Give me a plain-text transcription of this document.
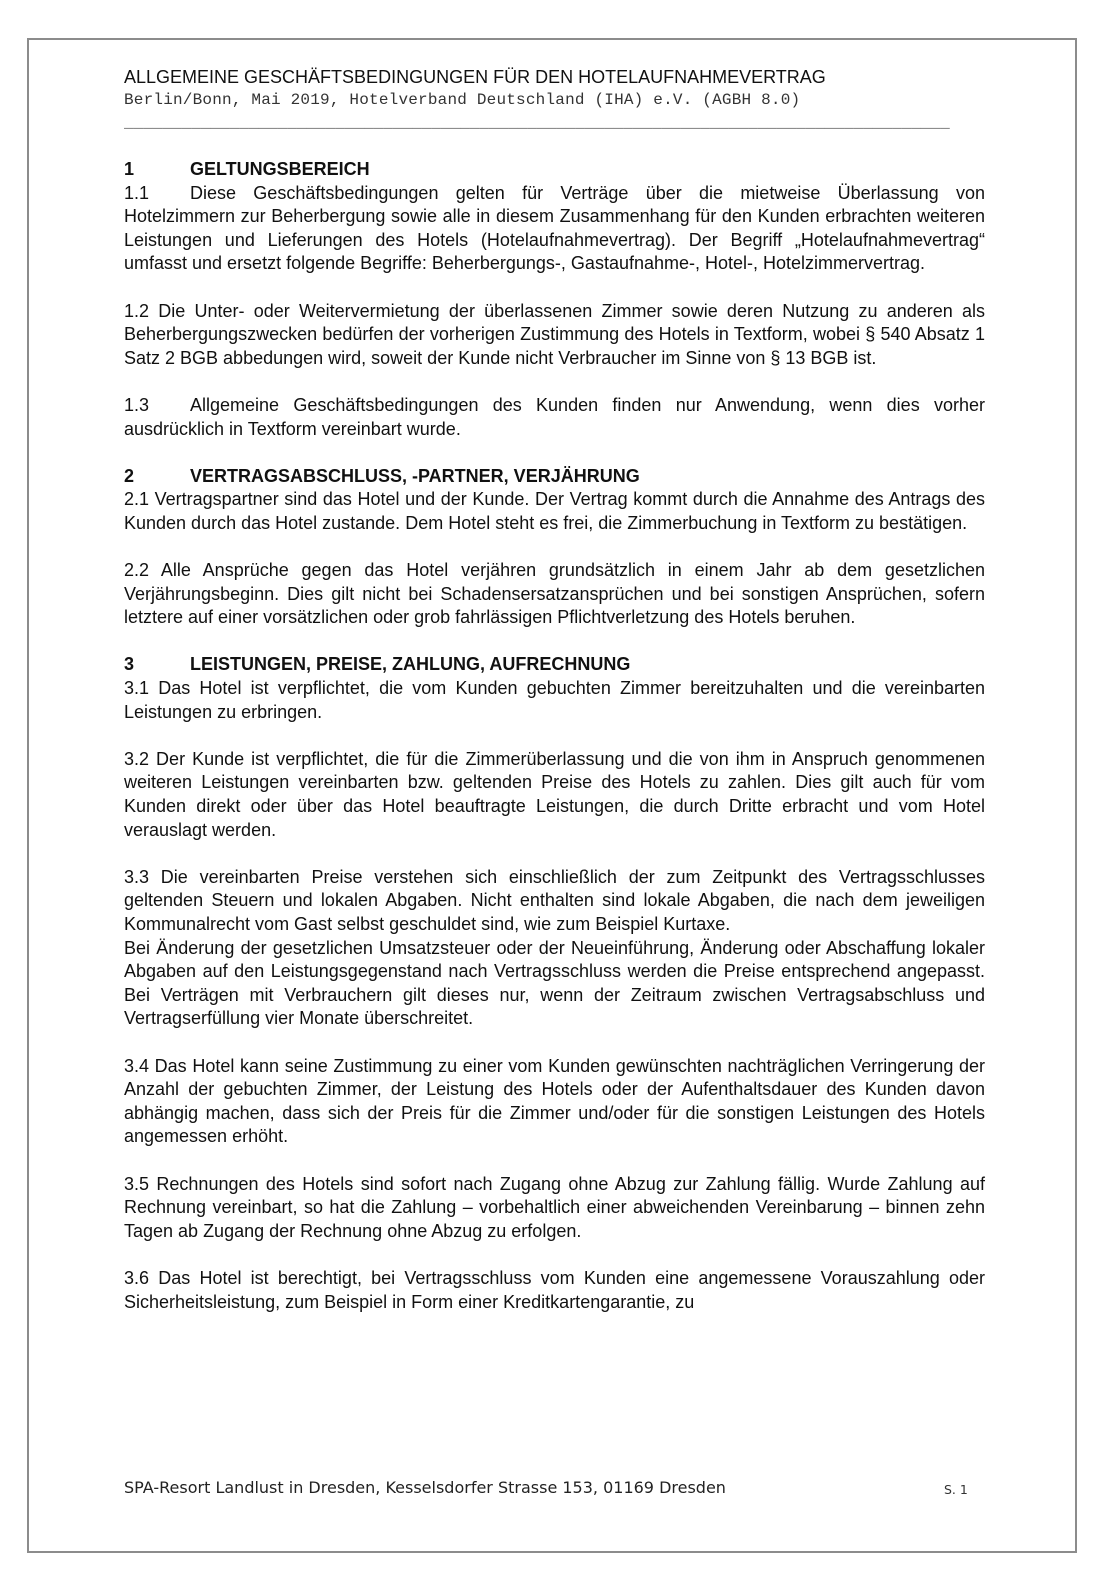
ALLGEMEINE GESCHÄFTSBEDINGUNGEN FÜR DEN HOTELAUFNAHMEVERTRAG
Berlin/Bonn, Mai 2019, Hotelverband Deutschland (IHA) e.V. (AGBH 8.0)
______________________________________________________________________________________
1	GELTUNGSBEREICH
1.1 Diese Geschäftsbedingungen gelten für Verträge über die mietweise Überlassung von Hotelzimmern zur Beherbergung sowie alle in diesem Zusammenhang für den Kunden erbrachten weiteren Leistungen und Lieferungen des Hotels (Hotelaufnahmevertrag). Der Begriff „Hotelaufnahmevertrag“ umfasst und ersetzt folgende Begriffe: Beherbergungs-, Gastaufnahme-, Hotel-, Hotelzimmervertrag.
1.2 Die Unter- oder Weitervermietung der überlassenen Zimmer sowie deren Nutzung zu anderen als Beherbergungszwecken bedürfen der vorherigen Zustimmung des Hotels in Textform, wobei § 540 Absatz 1 Satz 2 BGB abbedungen wird, soweit der Kunde nicht Verbraucher im Sinne von § 13 BGB ist.
1.3 Allgemeine Geschäftsbedingungen des Kunden finden nur Anwendung, wenn dies vorher ausdrücklich in Textform vereinbart wurde.
2	VERTRAGSABSCHLUSS, -PARTNER, VERJÄHRUNG
2.1 Vertragspartner sind das Hotel und der Kunde. Der Vertrag kommt durch die Annahme des Antrags des Kunden durch das Hotel zustande. Dem Hotel steht es frei, die Zimmerbuchung in Textform zu bestätigen.
2.2 Alle Ansprüche gegen das Hotel verjähren grundsätzlich in einem Jahr ab dem gesetzlichen Verjährungsbeginn. Dies gilt nicht bei Schadensersatzansprüchen und bei sonstigen Ansprüchen, sofern letztere auf einer vorsätzlichen oder grob fahrlässigen Pflichtverletzung des Hotels beruhen.
3	LEISTUNGEN, PREISE, ZAHLUNG, AUFRECHNUNG
3.1 Das Hotel ist verpflichtet, die vom Kunden gebuchten Zimmer bereitzuhalten und die vereinbarten Leistungen zu erbringen.
3.2 Der Kunde ist verpflichtet, die für die Zimmerüberlassung und die von ihm in Anspruch genommenen weiteren Leistungen vereinbarten bzw. geltenden Preise des Hotels zu zahlen. Dies gilt auch für vom Kunden direkt oder über das Hotel beauftragte Leistungen, die durch Dritte erbracht und vom Hotel verauslagt werden.
3.3 Die vereinbarten Preise verstehen sich einschließlich der zum Zeitpunkt des Vertragsschlusses geltenden Steuern und lokalen Abgaben. Nicht enthalten sind lokale Abgaben, die nach dem jeweiligen Kommunalrecht vom Gast selbst geschuldet sind, wie zum Beispiel Kurtaxe.
Bei Änderung der gesetzlichen Umsatzsteuer oder der Neueinführung, Änderung oder Abschaffung lokaler Abgaben auf den Leistungsgegenstand nach Vertragsschluss werden die Preise entsprechend angepasst. Bei Verträgen mit Verbrauchern gilt dieses nur, wenn der Zeitraum zwischen Vertragsabschluss und Vertragserfüllung vier Monate überschreitet.
3.4 Das Hotel kann seine Zustimmung zu einer vom Kunden gewünschten nachträglichen Verringerung der Anzahl der gebuchten Zimmer, der Leistung des Hotels oder der Aufenthaltsdauer des Kunden davon abhängig machen, dass sich der Preis für die Zimmer und/oder für die sonstigen Leistungen des Hotels angemessen erhöht.
3.5 Rechnungen des Hotels sind sofort nach Zugang ohne Abzug zur Zahlung fällig. Wurde Zahlung auf Rechnung vereinbart, so hat die Zahlung – vorbehaltlich einer abweichenden Vereinbarung – binnen zehn Tagen ab Zugang der Rechnung ohne Abzug zu erfolgen.
3.6 Das Hotel ist berechtigt, bei Vertragsschluss vom Kunden eine angemessene Vorauszahlung oder Sicherheitsleistung, zum Beispiel in Form einer Kreditkartengarantie, zu
SPA-Resort Landlust in Dresden, Kesselsdorfer Strasse 153, 01169 Dresden	S. 1
